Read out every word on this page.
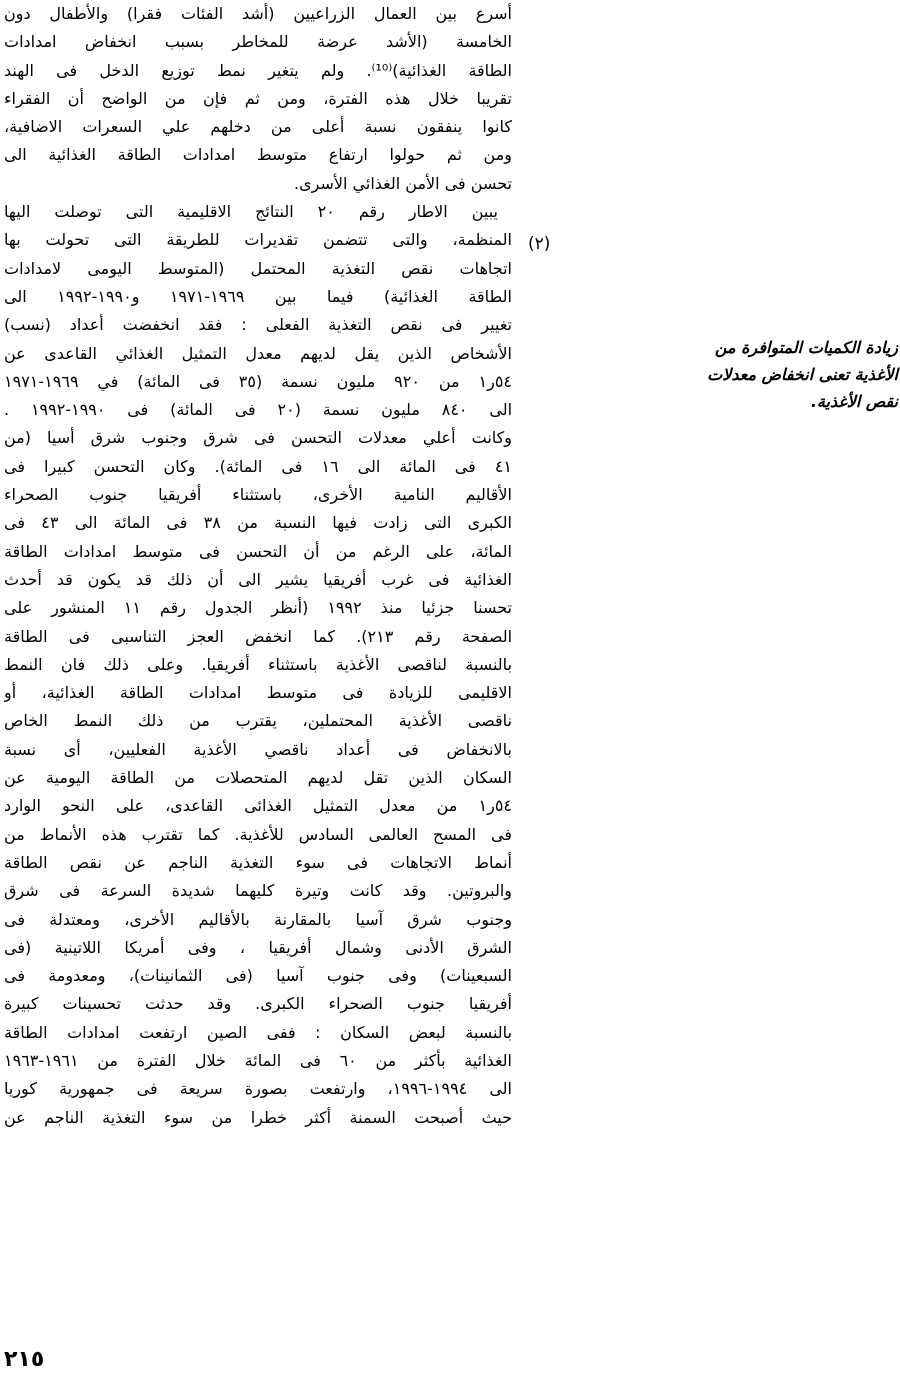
أسرع بين العمال الزراعيين (أشد الفئات فقرا) والأطفال دون
الخامسة (الأشد عرضة للمخاطر بسبب انخفاض امدادات
الطاقة الغذائية)⁽¹⁰⁾. ولم يتغير نمط توزيع الدخل فى الهند
تقريبا خلال هذه الفترة، ومن ثم فإن من الواضح أن الفقراء
كانوا ينفقون نسبة أعلى من دخلهم علي السعرات الاضافية،
ومن ثم حولوا ارتفاع متوسط امدادات الطاقة الغذائية الى
تحسن فى الأمن الغذائي الأسرى.
يبين الاطار رقم ٢٠ النتائج الاقليمية التى توصلت اليها
المنظمة، والتى تتضمن تقديرات للطريقة التى تحولت بها
اتجاهات نقص التغذية المحتمل (المتوسط اليومى لامدادات
الطاقة الغذائية) فيما بين ١٩٦٩-١٩٧١ و١٩٩٠-١٩٩٢ الى
تغيير فى نقص التغذية الفعلى : فقد انخفضت أعداد (نسب)
الأشخاص الذين يقل لديهم معدل التمثيل الغذائي القاعدى عن
٥٤ر١ من ٩٢٠ مليون نسمة (٣٥ فى المائة) في ١٩٦٩-١٩٧١
الى ٨٤٠ مليون نسمة (٢٠ فى المائة) فى ١٩٩٠-١٩٩٢ .
وكانت أعلي معدلات التحسن فى شرق وجنوب شرق أسيا (من
٤١ فى المائة الى ١٦ فى المائة). وكان التحسن كبيرا فى
الأقاليم النامية الأخرى، باستثناء أفريقيا جنوب الصحراء
الكبرى التى زادت فيها النسبة من ٣٨ فى المائة الى ٤٣ فى
المائة، على الرغم من أن التحسن فى متوسط امدادات الطاقة
الغذائية فى غرب أفريقيا يشير الى أن ذلك قد يكون قد أحدث
تحسنا جزئيا منذ ١٩٩٢ (أنظر الجدول رقم ١١ المنشور على
الصفحة رقم ٢١٣). كما انخفض العجز التناسبى فى الطاقة
بالنسبة لناقصى الأغذية باستثناء أفريقيا. وعلى ذلك فان النمط
الاقليمى للزيادة فى متوسط امدادات الطاقة الغذائية، أو
ناقصى الأغذية المحتملين، يقترب من ذلك النمط الخاص
بالانخفاض فى أعداد ناقصي الأغذية الفعليين، أى نسبة
السكان الذين تقل لديهم المتحصلات من الطاقة اليومية عن
٥٤ر١ من معدل التمثيل الغذائى القاعدى، على النحو الوارد
فى المسح العالمى السادس للأغذية. كما تقترب هذه الأنماط من
أنماط الاتجاهات فى سوء التغذية الناجم عن نقص الطاقة
والبروتين. وقد كانت وتيرة كليهما شديدة السرعة فى شرق
وجنوب شرق آسيا بالمقارنة بالأقاليم الأخرى، ومعتدلة فى
الشرق الأدنى وشمال أفريقيا ، وفى أمريكا اللاتينية (فى
السبعينات) وفى جنوب آسيا (فى الثمانينات)، ومعدومة فى
أفريقيا جنوب الصحراء الكبرى. وقد حدثت تحسينات كبيرة
بالنسبة لبعض السكان : ففى الصين ارتفعت امدادات الطاقة
الغذائية بأكثر من ٦٠ فى المائة خلال الفترة من ١٩٦١-١٩٦٣
الى ١٩٩٤-١٩٩٦، وارتفعت بصورة سريعة فى جمهورية كوريا
حيث أصبحت السمنة أكثر خطرا من سوء التغذية الناجم عن
(٢)
زيادة الكميات المتوافرة من
الأغذية تعنى انخفاض معدلات
نقص الأغذية.
٢١٥
